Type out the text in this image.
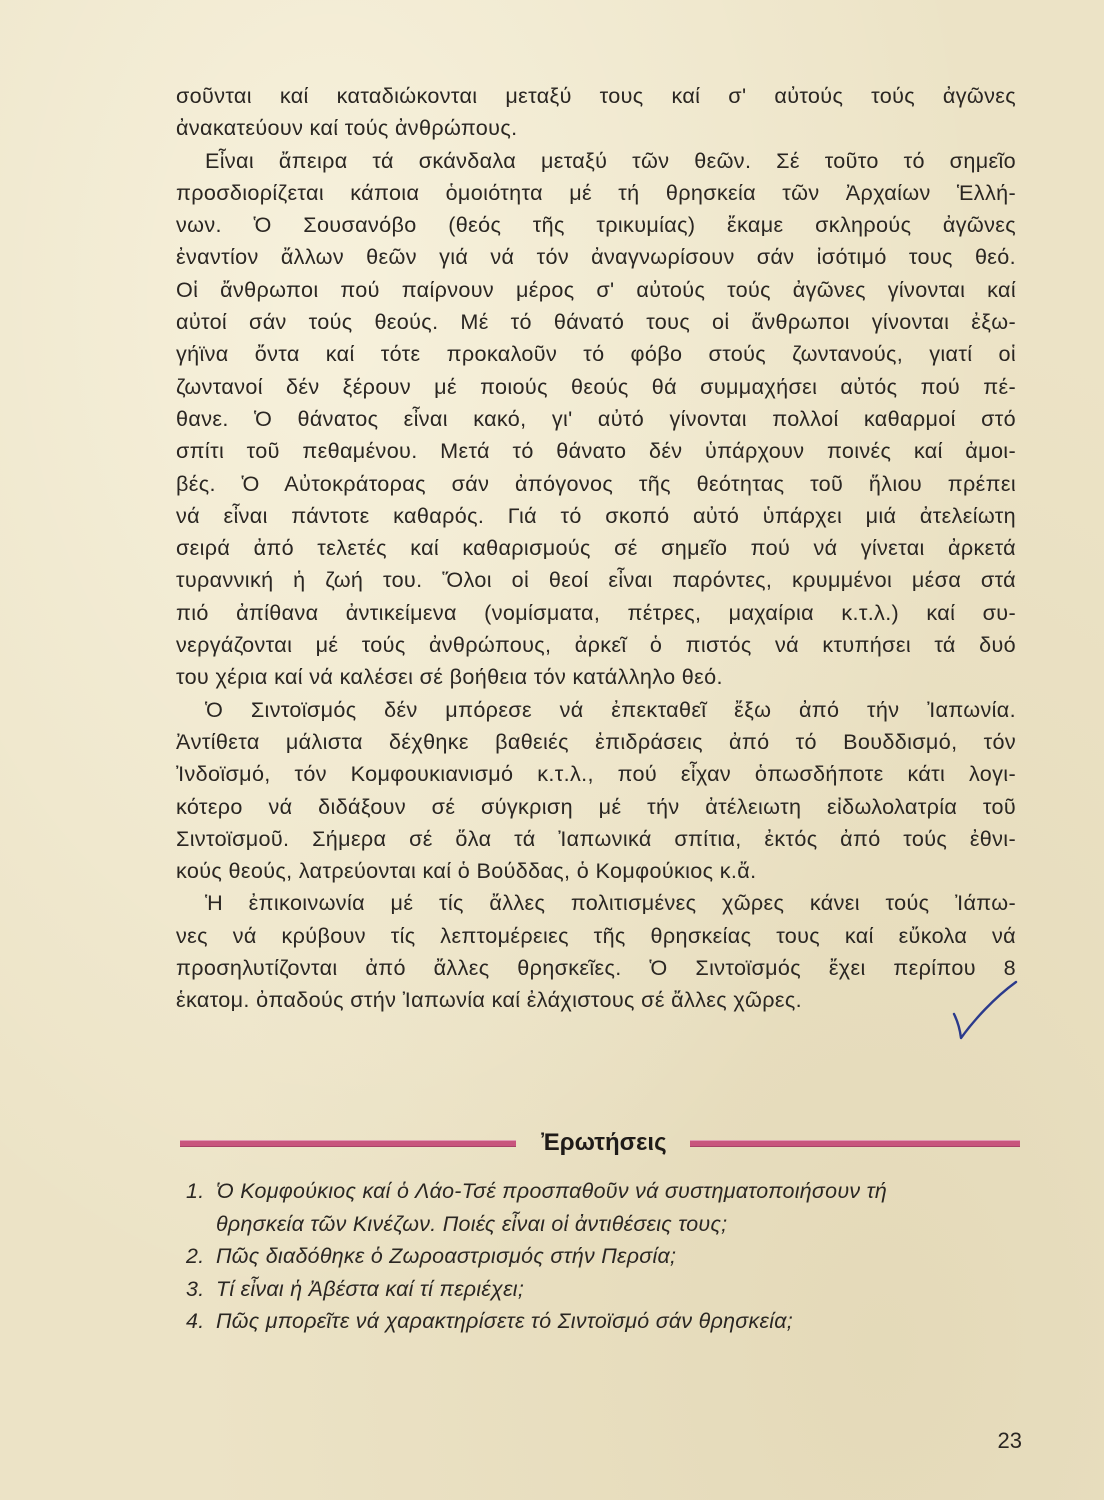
σοῦνται καί καταδιώκονται μεταξύ τους καί σ' αὐτούς τούς ἀγῶνες
ἀνακατεύουν καί τούς ἀνθρώπους.
Εἶναι ἄπειρα τά σκάνδαλα μεταξύ τῶν θεῶν. Σέ τοῦτο τό σημεῖο
προσδιορίζεται κάποια ὁμοιότητα μέ τή θρησκεία τῶν Ἀρχαίων Ἑλλή-
νων. Ὁ Σουσανόβο (θεός τῆς τρικυμίας) ἔκαμε σκληρούς ἀγῶνες
ἐναντίον ἄλλων θεῶν γιά νά τόν ἀναγνωρίσουν σάν ἰσότιμό τους θεό.
Οἱ ἄνθρωποι πού παίρνουν μέρος σ' αὐτούς τούς ἀγῶνες γίνονται καί
αὐτοί σάν τούς θεούς. Μέ τό θάνατό τους οἱ ἄνθρωποι γίνονται ἐξω-
γήϊνα ὄντα καί τότε προκαλοῦν τό φόβο στούς ζωντανούς, γιατί οἱ
ζωντανοί δέν ξέρουν μέ ποιούς θεούς θά συμμαχήσει αὐτός πού πέ-
θανε. Ὁ θάνατος εἶναι κακό, γι' αὐτό γίνονται πολλοί καθαρμοί στό
σπίτι τοῦ πεθαμένου. Μετά τό θάνατο δέν ὑπάρχουν ποινές καί ἀμοι-
βές. Ὁ Αὐτοκράτορας σάν ἀπόγονος τῆς θεότητας τοῦ ἥλιου πρέπει
νά εἶναι πάντοτε καθαρός. Γιά τό σκοπό αὐτό ὑπάρχει μιά ἀτελείωτη
σειρά ἀπό τελετές καί καθαρισμούς σέ σημεῖο πού νά γίνεται ἀρκετά
τυραννική ἡ ζωή του. Ὅλοι οἱ θεοί εἶναι παρόντες, κρυμμένοι μέσα στά
πιό ἀπίθανα ἀντικείμενα (νομίσματα, πέτρες, μαχαίρια κ.τ.λ.) καί συ-
νεργάζονται μέ τούς ἀνθρώπους, ἀρκεῖ ὁ πιστός νά κτυπήσει τά δυό
του χέρια καί νά καλέσει σέ βοήθεια τόν κατάλληλο θεό.
Ὁ Σιντοϊσμός δέν μπόρεσε νά ἐπεκταθεῖ ἔξω ἀπό τήν Ἰαπωνία.
Ἀντίθετα μάλιστα δέχθηκε βαθειές ἐπιδράσεις ἀπό τό Βουδδισμό, τόν
Ἰνδοϊσμό, τόν Κομφουκιανισμό κ.τ.λ., πού εἶχαν ὁπωσδήποτε κάτι λογι-
κότερο νά διδάξουν σέ σύγκριση μέ τήν ἀτέλειωτη εἰδωλολατρία τοῦ
Σιντοϊσμοῦ. Σήμερα σέ ὅλα τά Ἰαπωνικά σπίτια, ἐκτός ἀπό τούς ἐθνι-
κούς θεούς, λατρεύονται καί ὁ Βούδδας, ὁ Κομφούκιος κ.ἄ.
Ἡ ἐπικοινωνία μέ τίς ἄλλες πολιτισμένες χῶρες κάνει τούς Ἰάπω-
νες νά κρύβουν τίς λεπτομέρειες τῆς θρησκείας τους καί εὔκολα νά
προσηλυτίζονται ἀπό ἄλλες θρησκεῖες. Ὁ Σιντοϊσμός ἔχει περίπου 8
ἑκατομ. ὀπαδούς στήν Ἰαπωνία καί ἐλάχιστους σέ ἄλλες χῶρες.
Ἐρωτήσεις
1. Ὁ Κομφούκιος καί ὁ Λάο-Τσέ προσπαθοῦν νά συστηματοποιήσουν τή
θρησκεία τῶν Κινέζων. Ποιές εἶναι οἱ ἀντιθέσεις τους;
2. Πῶς διαδόθηκε ὁ Ζωροαστρισμός στήν Περσία;
3. Τί εἶναι ἡ Ἀβέστα καί τί περιέχει;
4. Πῶς μπορεῖτε νά χαρακτηρίσετε τό Σιντοϊσμό σάν θρησκεία;
23
